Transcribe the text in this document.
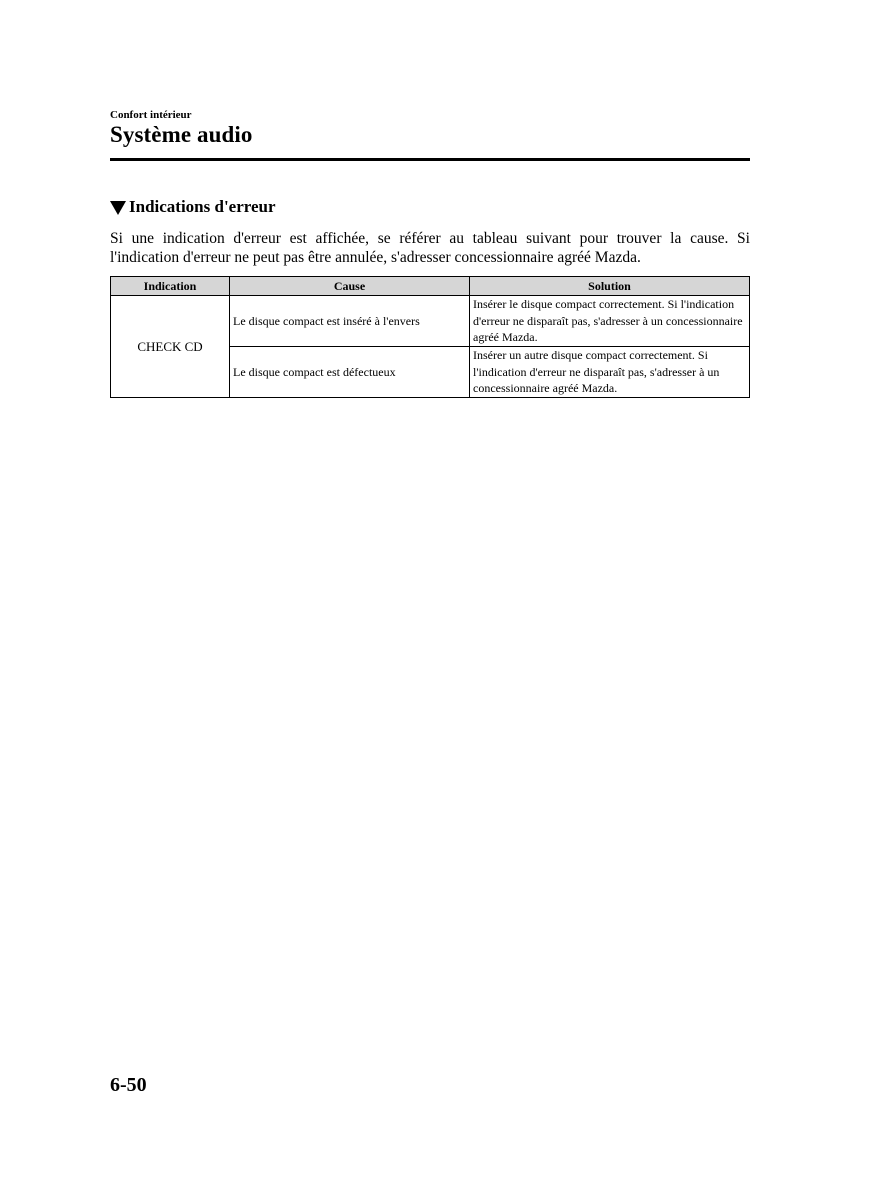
Confort intérieur
Système audio
Indications d'erreur
Si une indication d'erreur est affichée, se référer au tableau suivant pour trouver la cause. Si l'indication d'erreur ne peut pas être annulée, s'adresser concessionnaire agréé Mazda.
Indication	Cause	Solution
CHECK CD	Le disque compact est inséré à l'envers	Insérer le disque compact correctement. Si l'indication d'erreur ne disparaît pas, s'adresser à un concessionnaire agréé Mazda.
	Le disque compact est défectueux	Insérer un autre disque compact correctement. Si l'indication d'erreur ne disparaît pas, s'adresser à un concessionnaire agréé Mazda.
6-50
